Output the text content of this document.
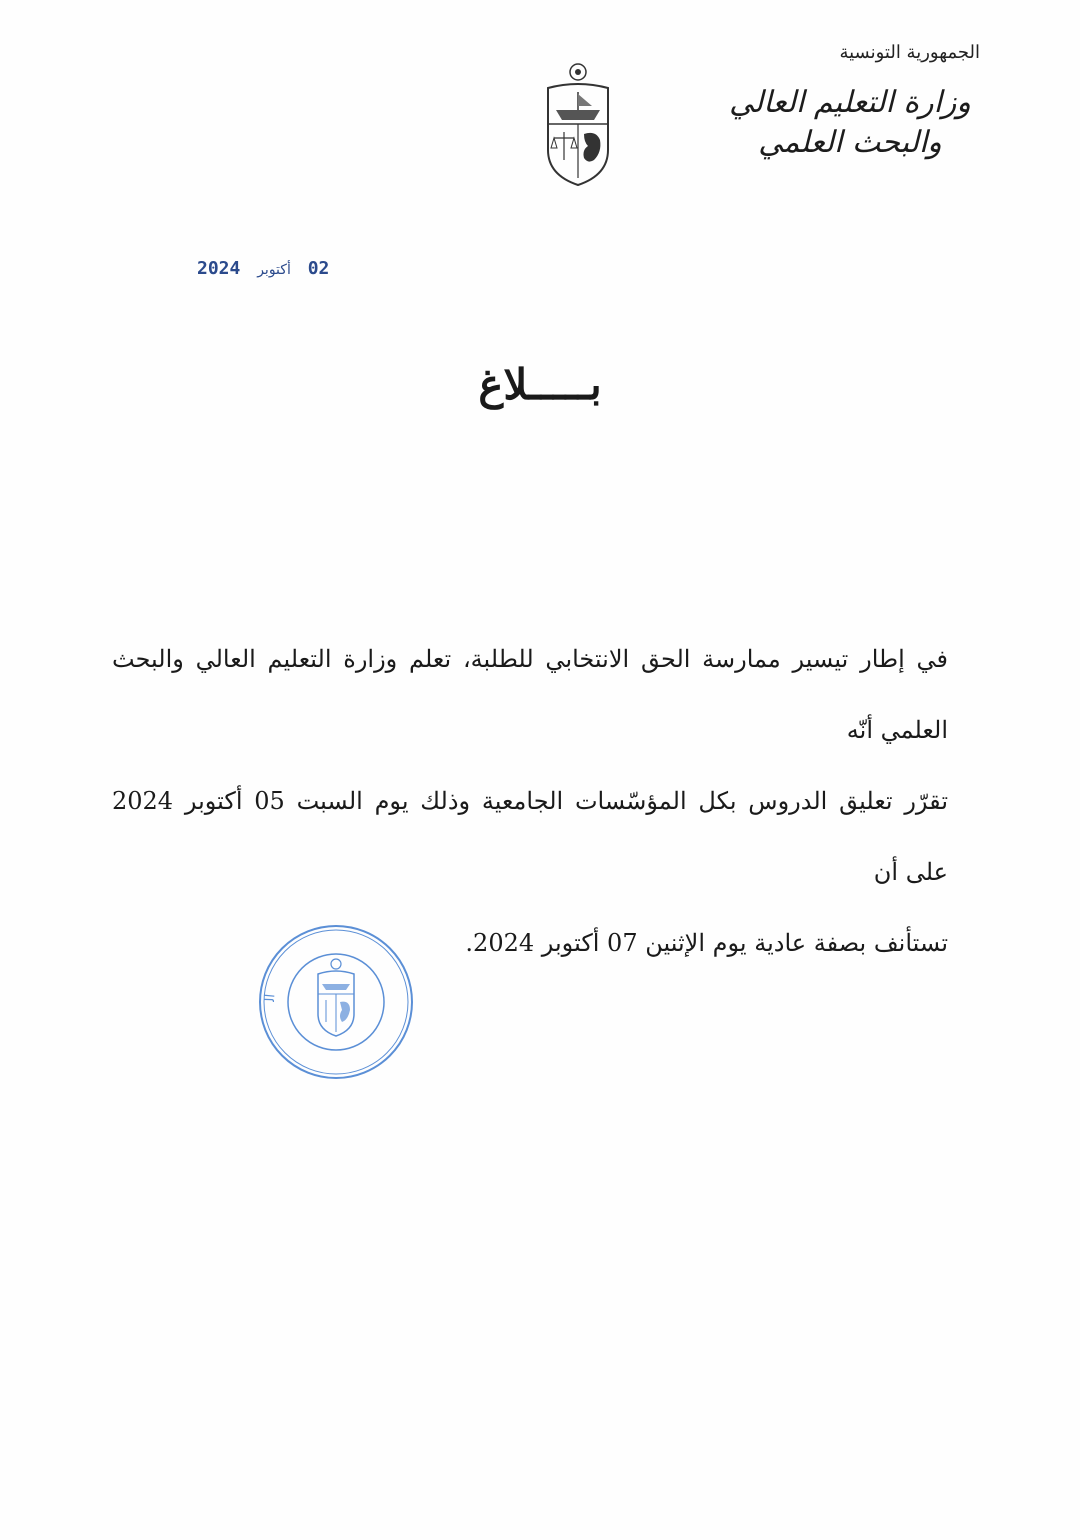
الجمهورية التونسية
وزارة التعليم العالي
والبحث العلمي
02 أكتوبر 2024
بـــــلاغ

في إطار تيسير ممارسة الحق الانتخابي للطلبة، تعلم وزارة التعليم العالي والبحث العلمي أنّه

تقرّر تعليق الدروس بكل المؤسّسات الجامعية وذلك يوم السبت 05 أكتوبر 2024 على أن

تستأنف بصفة عادية يوم الإثنين 07 أكتوبر 2024.

ال
